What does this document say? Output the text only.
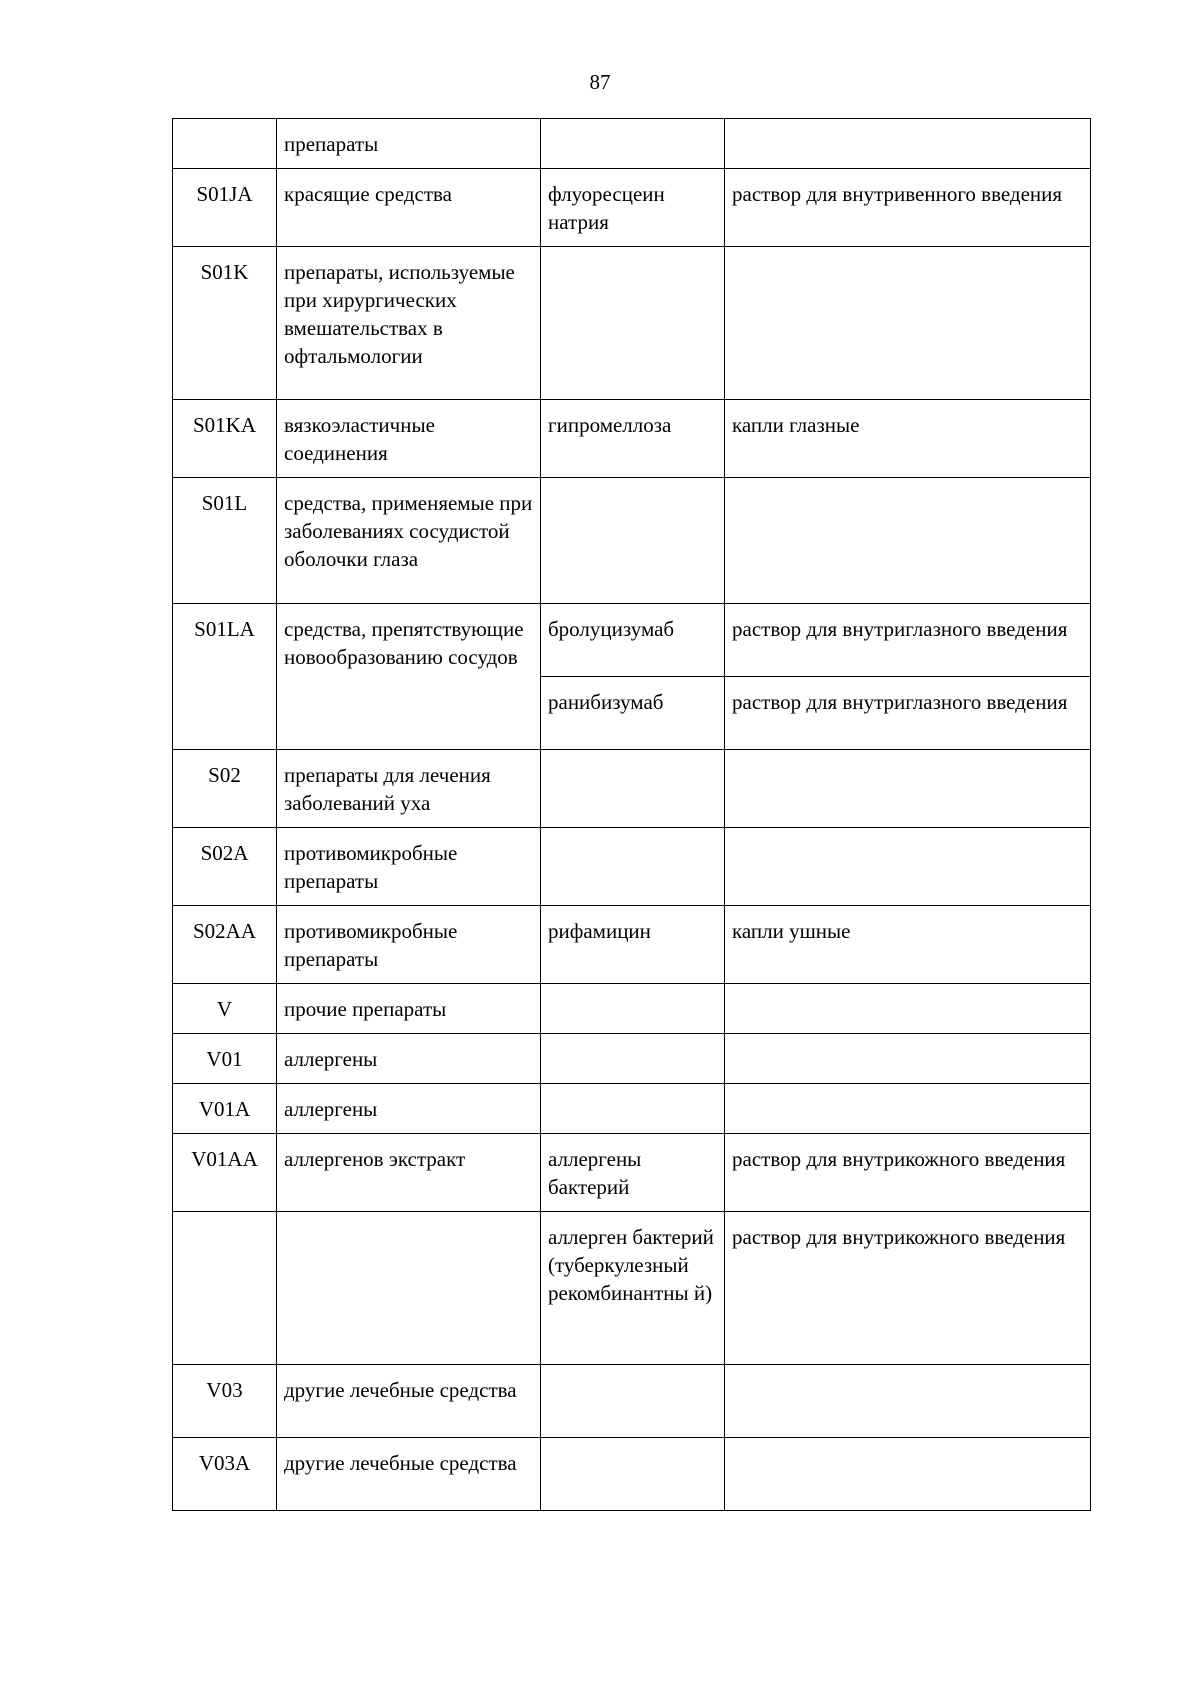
87
	препараты		
S01JA	красящие средства	флуоресцеин натрия	раствор для внутривенного введения
S01K	препараты, используемые при хирургических вмешательствах в офтальмологии		
S01KA	вязкоэластичные соединения	гипромеллоза	капли глазные
S01L	средства, применяемые при заболеваниях сосудистой оболочки глаза		
S01LA	средства, препятствующие новообразованию сосудов	бролуцизумаб	раствор для внутриглазного введения
		ранибизумаб	раствор для внутриглазного введения
S02	препараты для лечения заболеваний уха		
S02A	противомикробные препараты		
S02AA	противомикробные препараты	рифамицин	капли ушные
V	прочие препараты		
V01	аллергены		
V01A	аллергены		
V01AA	аллергенов экстракт	аллергены бактерий	раствор для внутрикожного введения
		аллерген бактерий (туберкулезный рекомбинантны й)	раствор для внутрикожного введения
V03	другие лечебные средства		
V03A	другие лечебные средства		
